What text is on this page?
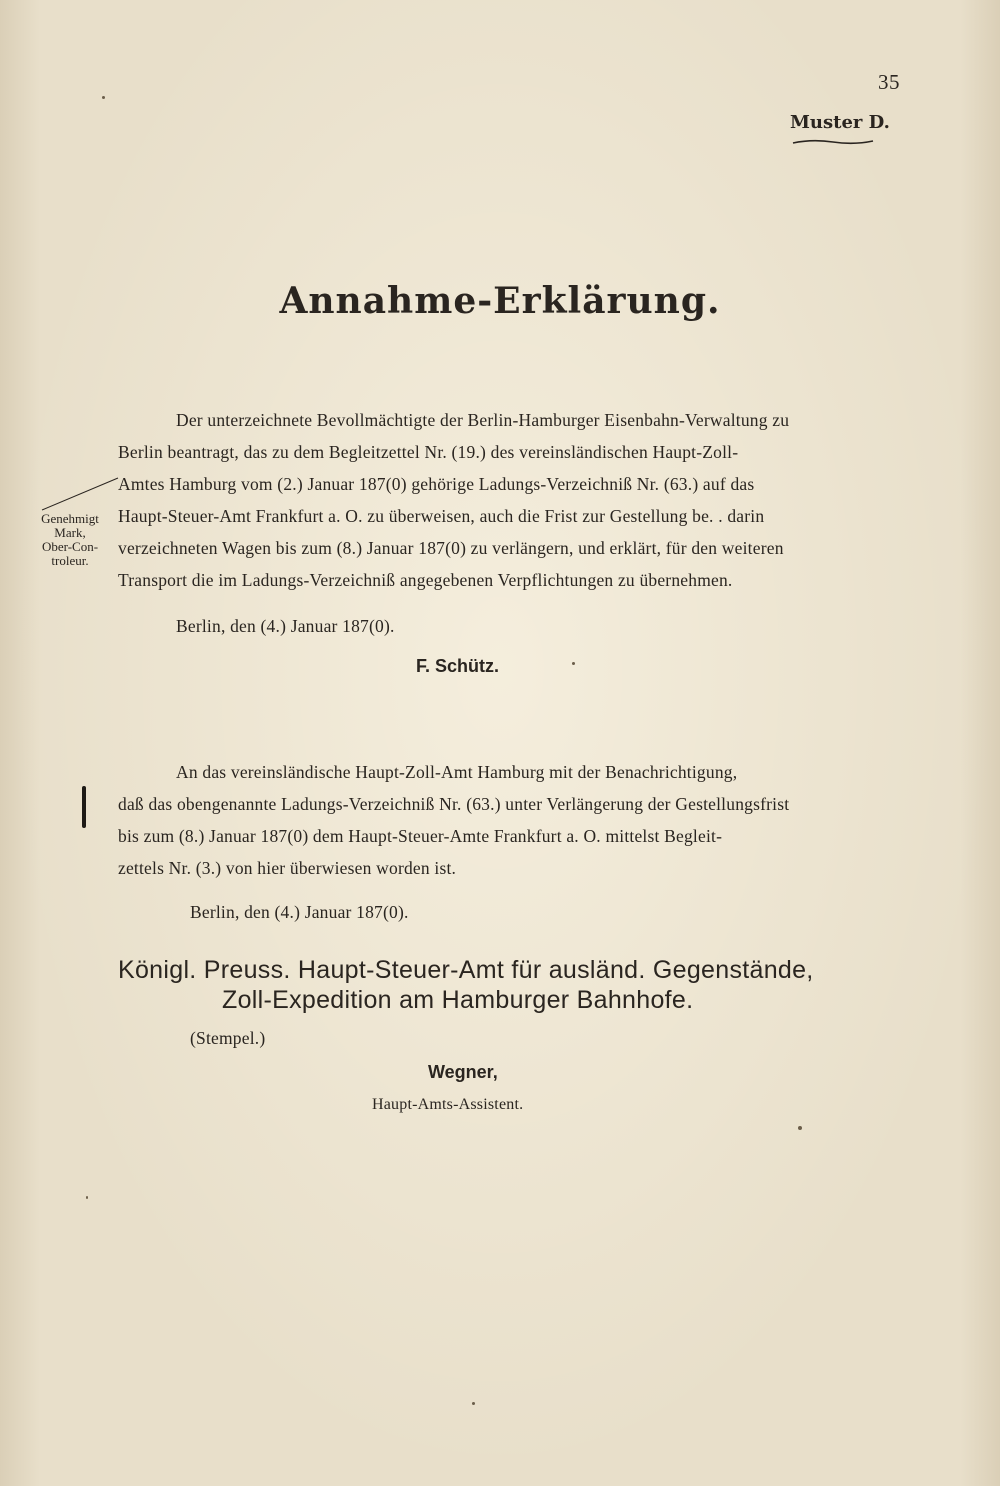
35
Muster D.
Annahme-Erklärung.
Der unterzeichnete Bevollmächtigte der Berlin-Hamburger Eisenbahn-Verwaltung zu
Berlin beantragt, das zu dem Begleitzettel Nr. (19.) des vereinsländischen Haupt-Zoll-
Amtes Hamburg vom (2.) Januar 187(0) gehörige Ladungs-Verzeichniß Nr. (63.) auf das
Haupt-Steuer-Amt Frankfurt a. O. zu überweisen, auch die Frist zur Gestellung be. . darin
verzeichneten Wagen bis zum (8.) Januar 187(0) zu verlängern, und erklärt, für den weiteren
Transport die im Ladungs-Verzeichniß angegebenen Verpflichtungen zu übernehmen.
Genehmigt
Mark,
Ober-Con-
troleur.
Berlin, den (4.) Januar 187(0).
F. Schütz.
An das vereinsländische Haupt-Zoll-Amt Hamburg mit der Benachrichtigung,
daß das obengenannte Ladungs-Verzeichniß Nr. (63.) unter Verlängerung der Gestellungsfrist
bis zum (8.) Januar 187(0) dem Haupt-Steuer-Amte Frankfurt a. O. mittelst Begleit-
zettels Nr. (3.) von hier überwiesen worden ist.
Berlin, den (4.) Januar 187(0).
Königl. Preuss. Haupt-Steuer-Amt für ausländ. Gegenstände,
Zoll-Expedition am Hamburger Bahnhofe.
(Stempel.)
Wegner,
Haupt-Amts-Assistent.
